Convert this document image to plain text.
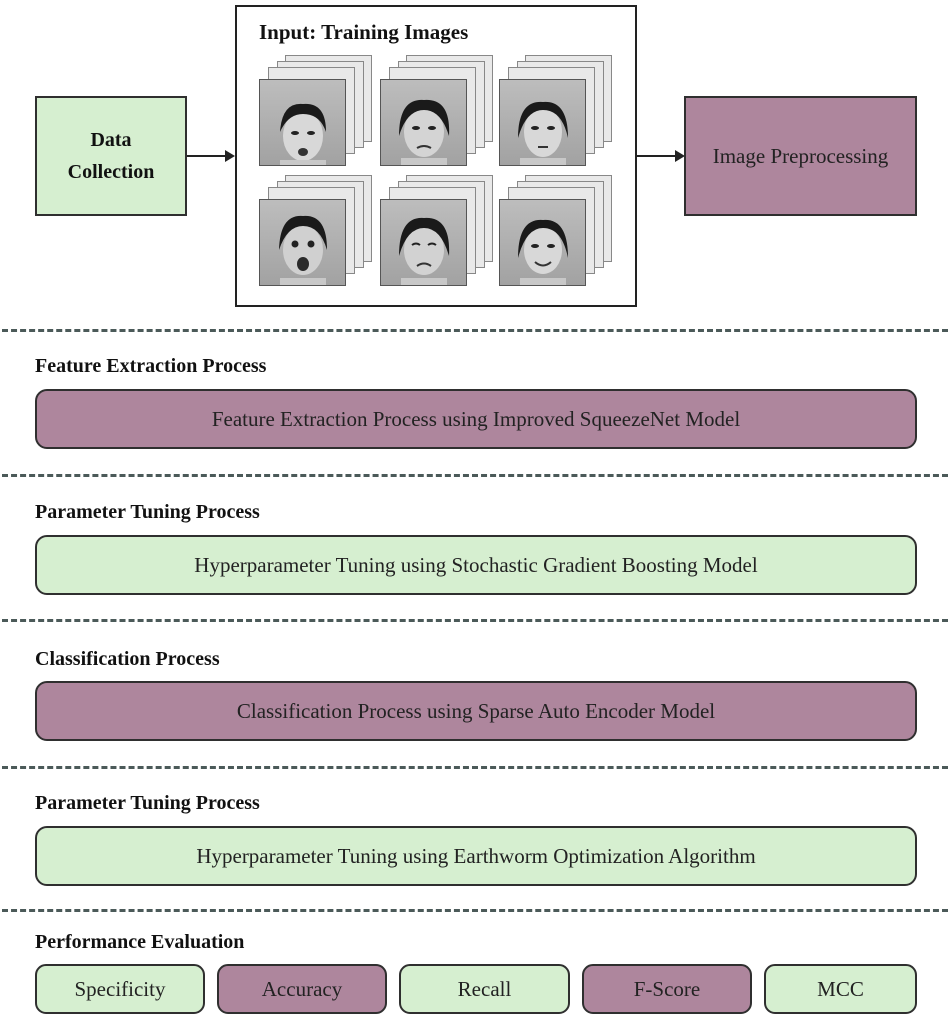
Data Collection
Input: Training Images
Image Preprocessing
Feature Extraction Process
Feature Extraction Process using Improved SqueezeNet Model
Parameter Tuning Process
Hyperparameter Tuning using Stochastic Gradient Boosting Model
Classification Process
Classification Process using Sparse Auto Encoder Model
Parameter Tuning Process
Hyperparameter Tuning using Earthworm Optimization Algorithm
Performance Evaluation
Specificity	Accuracy	Recall	F-Score	MCC
